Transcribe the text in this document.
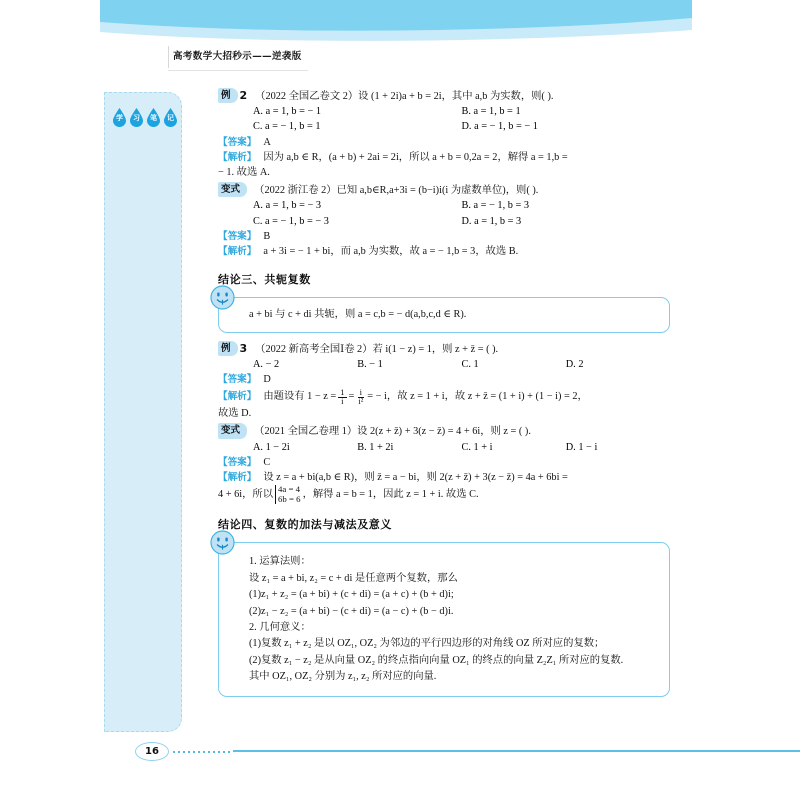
高考数学大招秒示——逆袭版
学	习	笔	记
例 2 （2022 全国乙卷文 2）设 (1 + 2i)a + b = 2i，其中 a,b 为实数，则( ).
A. a = 1, b = − 1	B. a = 1, b = 1
C. a = − 1, b = 1	D. a = − 1, b = − 1
【答案】 A
【解析】 因为 a,b ∈ R，(a + b) + 2ai = 2i，所以 a + b = 0,2a = 2，解得 a = 1,b =
− 1. 故选 A.
变式 （2022 浙江卷 2）已知 a,b∈R,a+3i = (b−i)i(i 为虚数单位)，则( ).
A. a = 1, b = − 3	B. a = − 1, b = 3
C. a = − 1, b = − 3	D. a = 1, b = 3
【答案】 B
【解析】 a + 3i = − 1 + bi，而 a,b 为实数，故 a = − 1,b = 3，故选 B.
结论三、共轭复数
a + bi 与 c + di 共轭，则 a = c,b = − d(a,b,c,d ∈ R).
例 3 （2022 新高考全国Ⅰ卷 2）若 i(1 − z) = 1，则 z + z̄ = ( ).
A. − 2	B. − 1	C. 1	D. 2
【答案】 D
【解析】 由题设有 $1 - z = \frac{1}{i} = \frac{i}{\text{i²}}$ = − i，故 z = 1 + i，故 z + z̄ = (1 + i) + (1 − i) = 2，
故选 D.
变式 （2021 全国乙卷理 1）设 2(z + z̄) + 3(z − z̄) = 4 + 6i，则 z = ( ).
A. 1 − 2i	B. 1 + 2i	C. 1 + i	D. 1 − i
【答案】 C
【解析】 设 z = a + bi(a,b ∈ R)，则 z̄ = a − bi，则 2(z + z̄) + 3(z − z̄) = 4a + 6bi =
4 + 6i，所以 4a = 4
6b = 6 ，解得 a = b = 1，因此 z = 1 + i. 故选 C.
结论四、复数的加法与减法及意义
1. 运算法则：
设 z₁ = a + bi, z₂ = c + di 是任意两个复数，那么
(1)z₁ + z₂ = (a + bi) + (c + di) = (a + c) + (b + d)i;
(2)z₁ − z₂ = (a + bi) − (c + di) = (a − c) + (b − d)i.
2. 几何意义：
(1)复数 z₁ + z₂ 是以 OZ₁, OZ₂ 为邻边的平行四边形的对角线 OZ 所对应的复数；
(2)复数 z₁ − z₂ 是从向量 OZ₂ 的终点指向向量 OZ₁ 的终点的向量 Z₂Z₁ 所对应的复数.
其中 OZ₁, OZ₂ 分别为 z₁, z₂ 所对应的向量.
16
